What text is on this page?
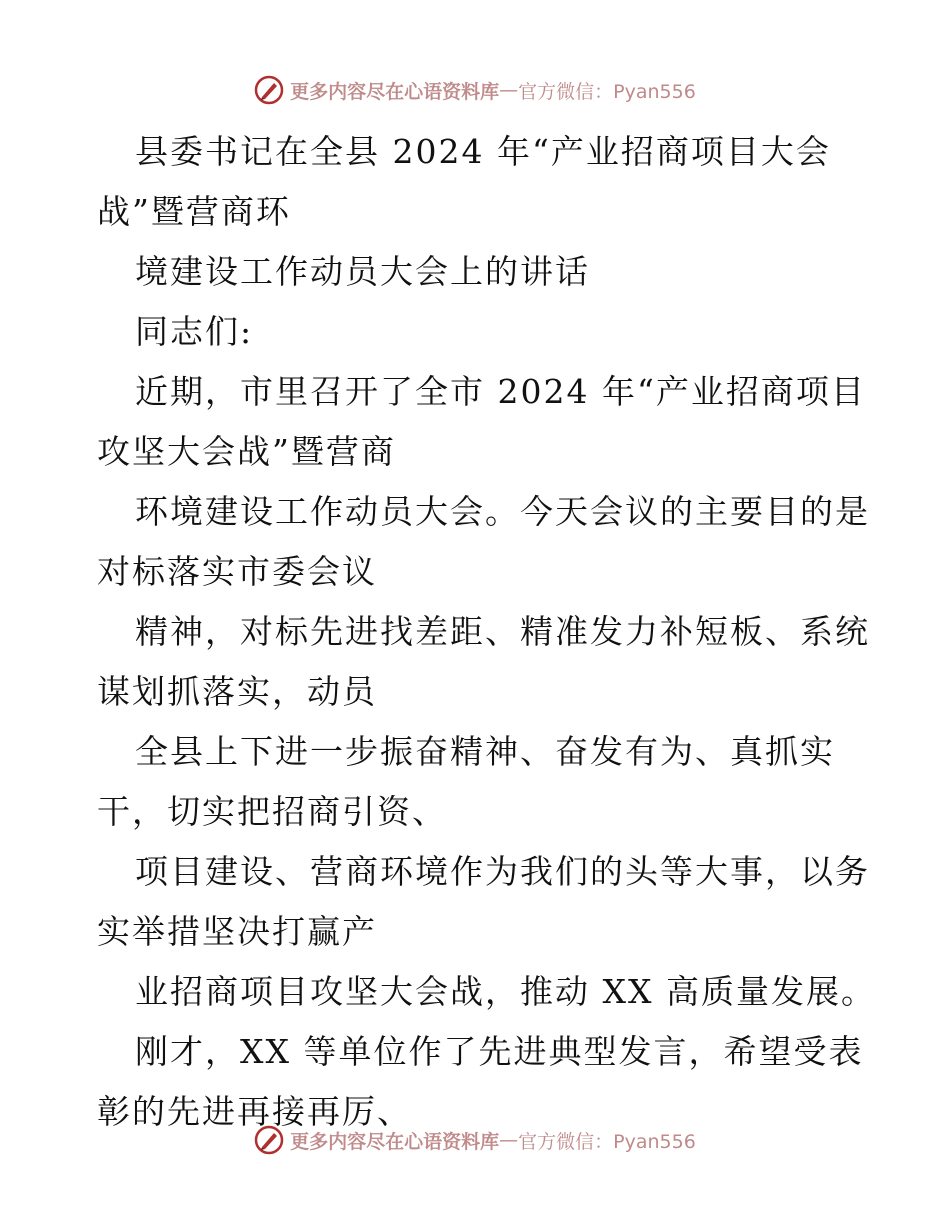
更多内容尽在心语资料库 — 官方微信：Pyan556
县委书记在全县 2024 年“产业招商项目大会
战”暨营商环
境建设工作动员大会上的讲话
同志们:
近期，市里召开了全市 2024 年“产业招商项目
攻坚大会战”暨营商
环境建设工作动员大会。今天会议的主要目的是
对标落实市委会议
精神，对标先进找差距、精准发力补短板、系统
谋划抓落实，动员
全县上下进一步振奋精神、奋发有为、真抓实
干，切实把招商引资、
项目建设、营商环境作为我们的头等大事，以务
实举措坚决打赢产
业招商项目攻坚大会战，推动 XX 高质量发展。
刚才，XX 等单位作了先进典型发言，希望受表
彰的先进再接再厉、
更多内容尽在心语资料库 — 官方微信：Pyan556
